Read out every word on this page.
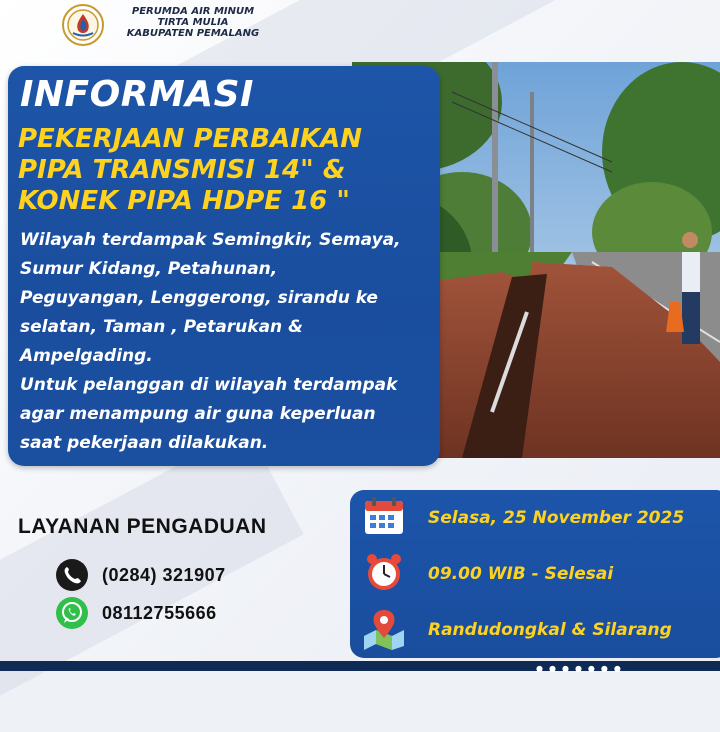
PERUMDA AIR MINUM
TIRTA MULIA
KABUPATEN PEMALANG
INFORMASI
PEKERJAAN PERBAIKAN
PIPA TRANSMISI 14" &
KONEK PIPA HDPE 16 "
Wilayah terdampak Semingkir, Semaya,
Sumur Kidang, Petahunan,
Peguyangan, Lenggerong, sirandu ke
selatan, Taman , Petarukan &
Ampelgading.
Untuk pelanggan di wilayah terdampak
agar menampung air guna keperluan
saat pekerjaan dilakukan.
LAYANAN PENGADUAN
(0284) 321907
08112755666
Selasa, 25 November 2025
09.00 WIB - Selesai
Randudongkal & Silarang
●●●●●●●
